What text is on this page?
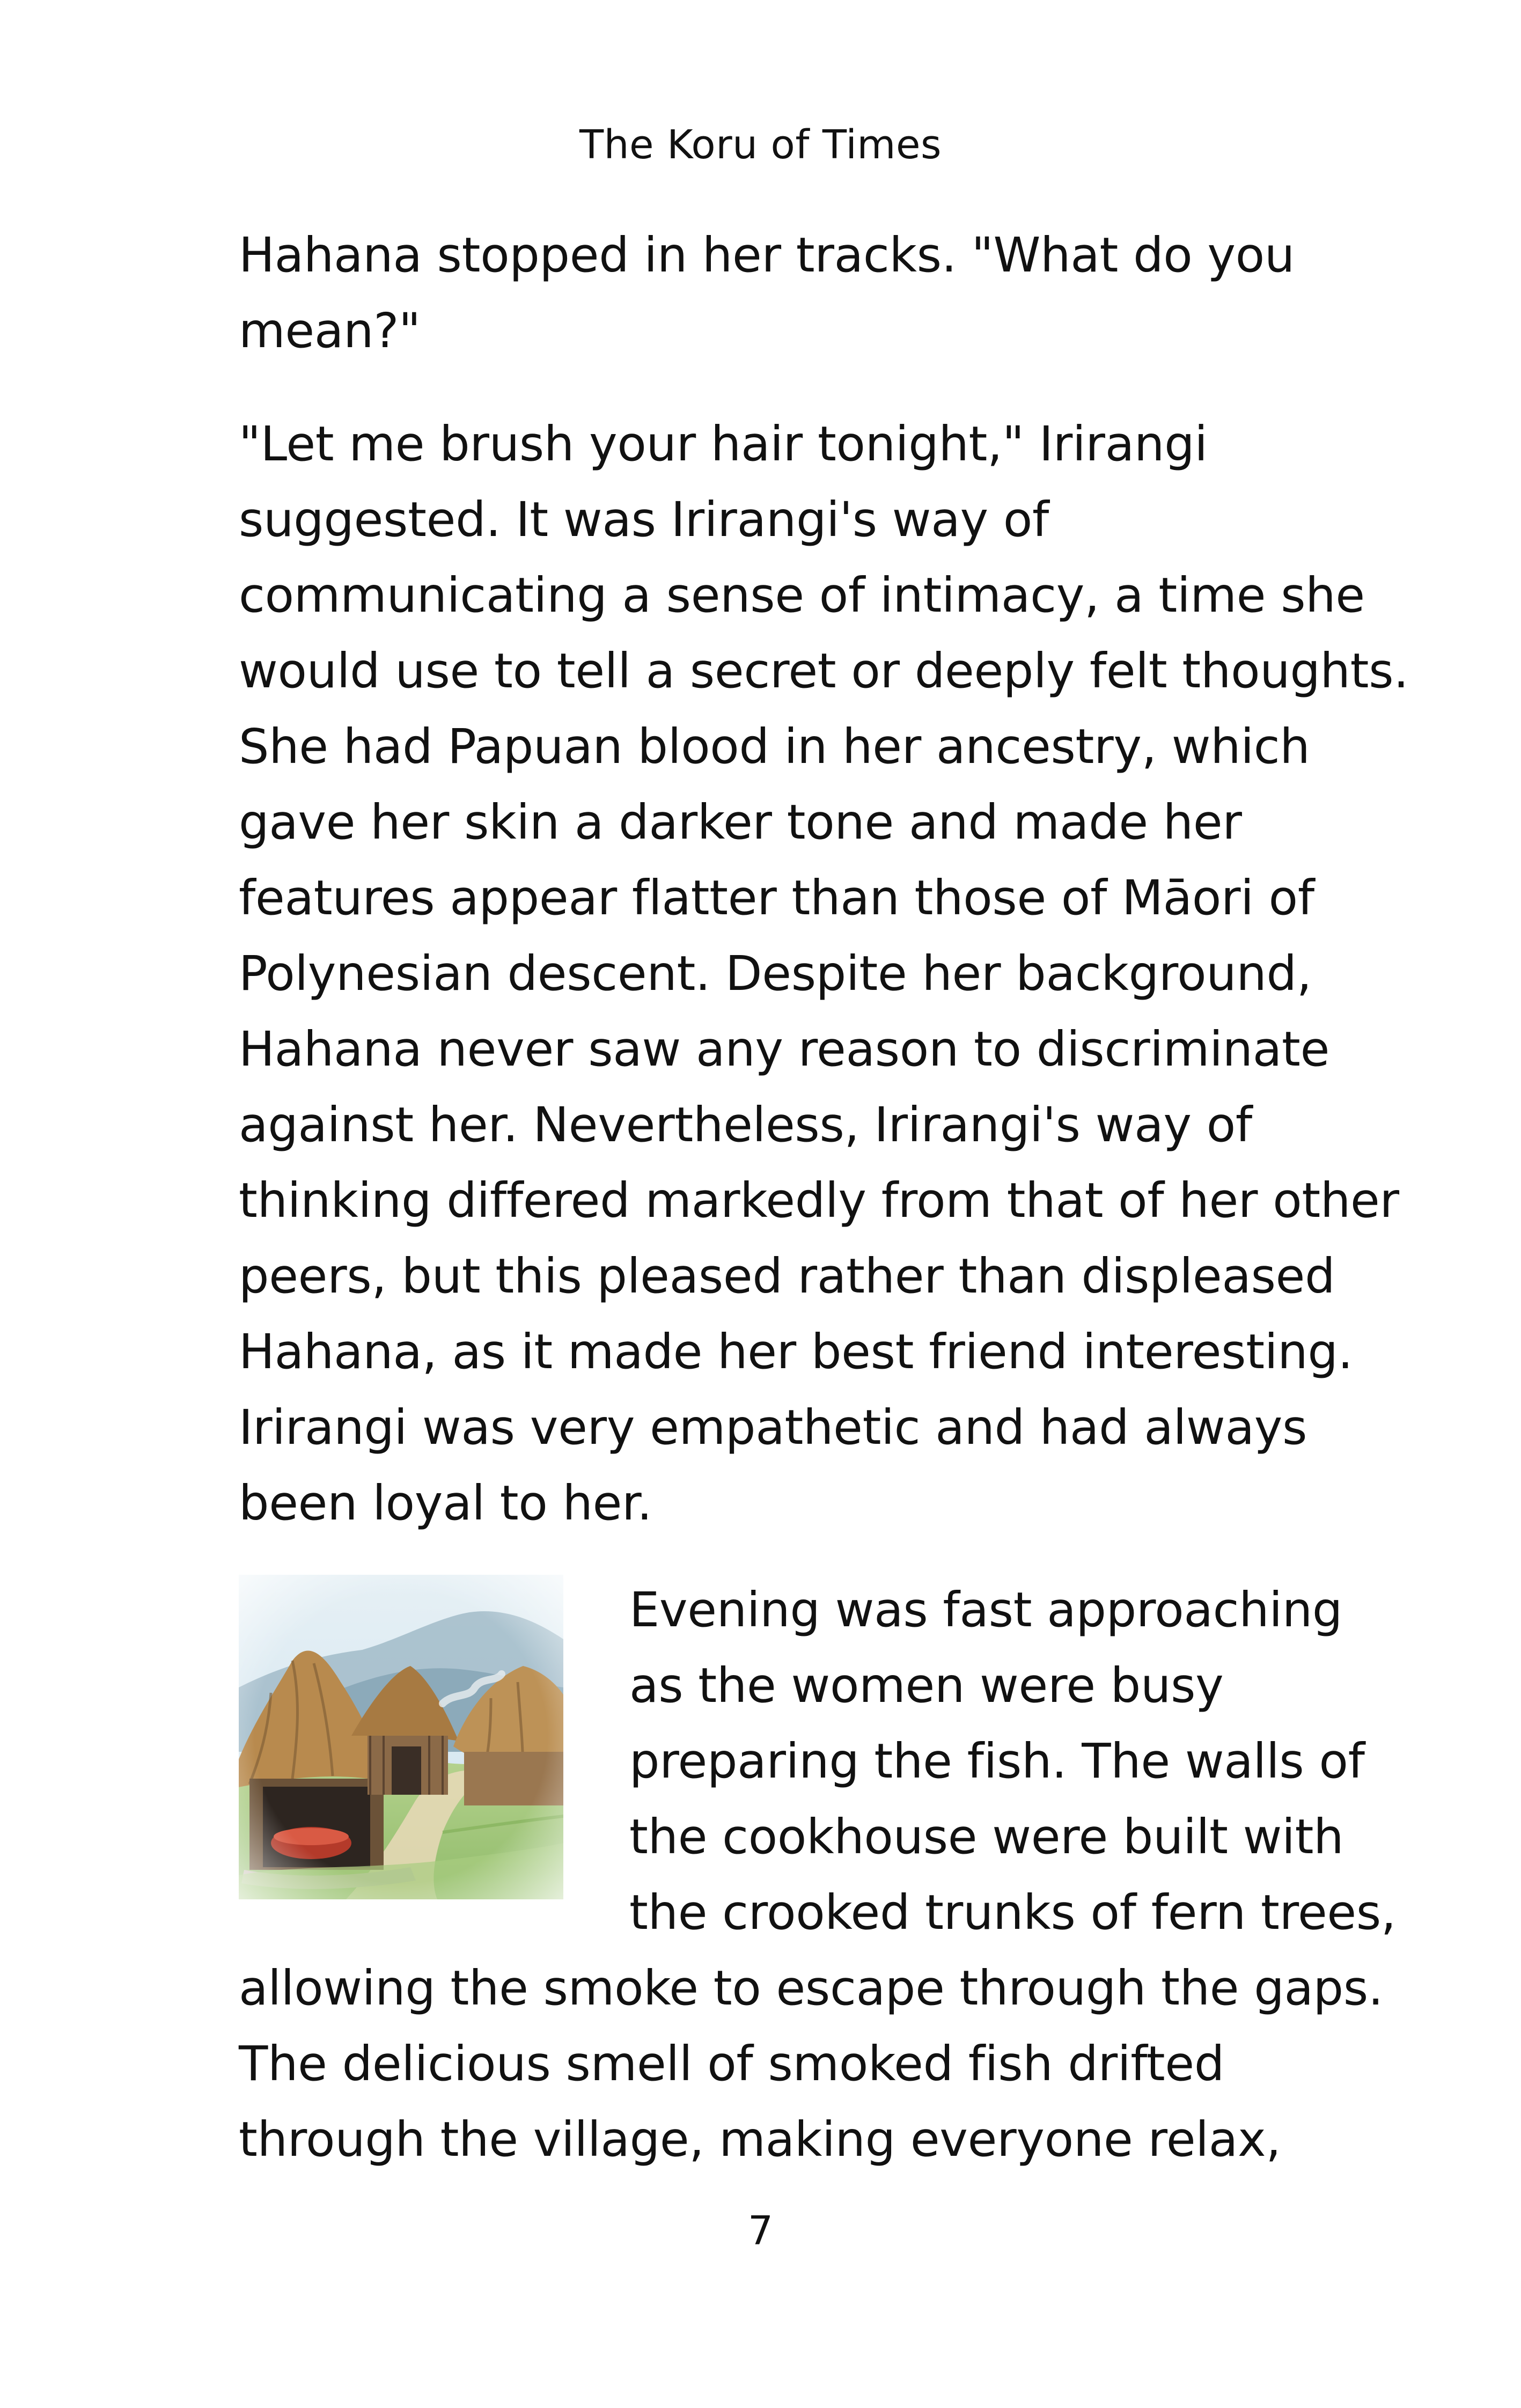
The Koru of Times
Hahana stopped in her tracks. "What do you
mean?"
"Let me brush your hair tonight," Irirangi
suggested. It was Irirangi's way of
communicating a sense of intimacy, a time she
would use to tell a secret or deeply felt thoughts.
She had Papuan blood in her ancestry, which
gave her skin a darker tone and made her
features appear flatter than those of Māori of
Polynesian descent. Despite her background,
Hahana never saw any reason to discriminate
against her. Nevertheless, Irirangi's way of
thinking differed markedly from that of her other
peers, but this pleased rather than displeased
Hahana, as it made her best friend interesting.
Irirangi was very empathetic and had always
been loyal to her.
Evening was fast approaching
as the women were busy
preparing the fish. The walls of
the cookhouse were built with
the crooked trunks of fern trees,
allowing the smoke to escape through the gaps.
The delicious smell of smoked fish drifted
through the village, making everyone relax,
7
